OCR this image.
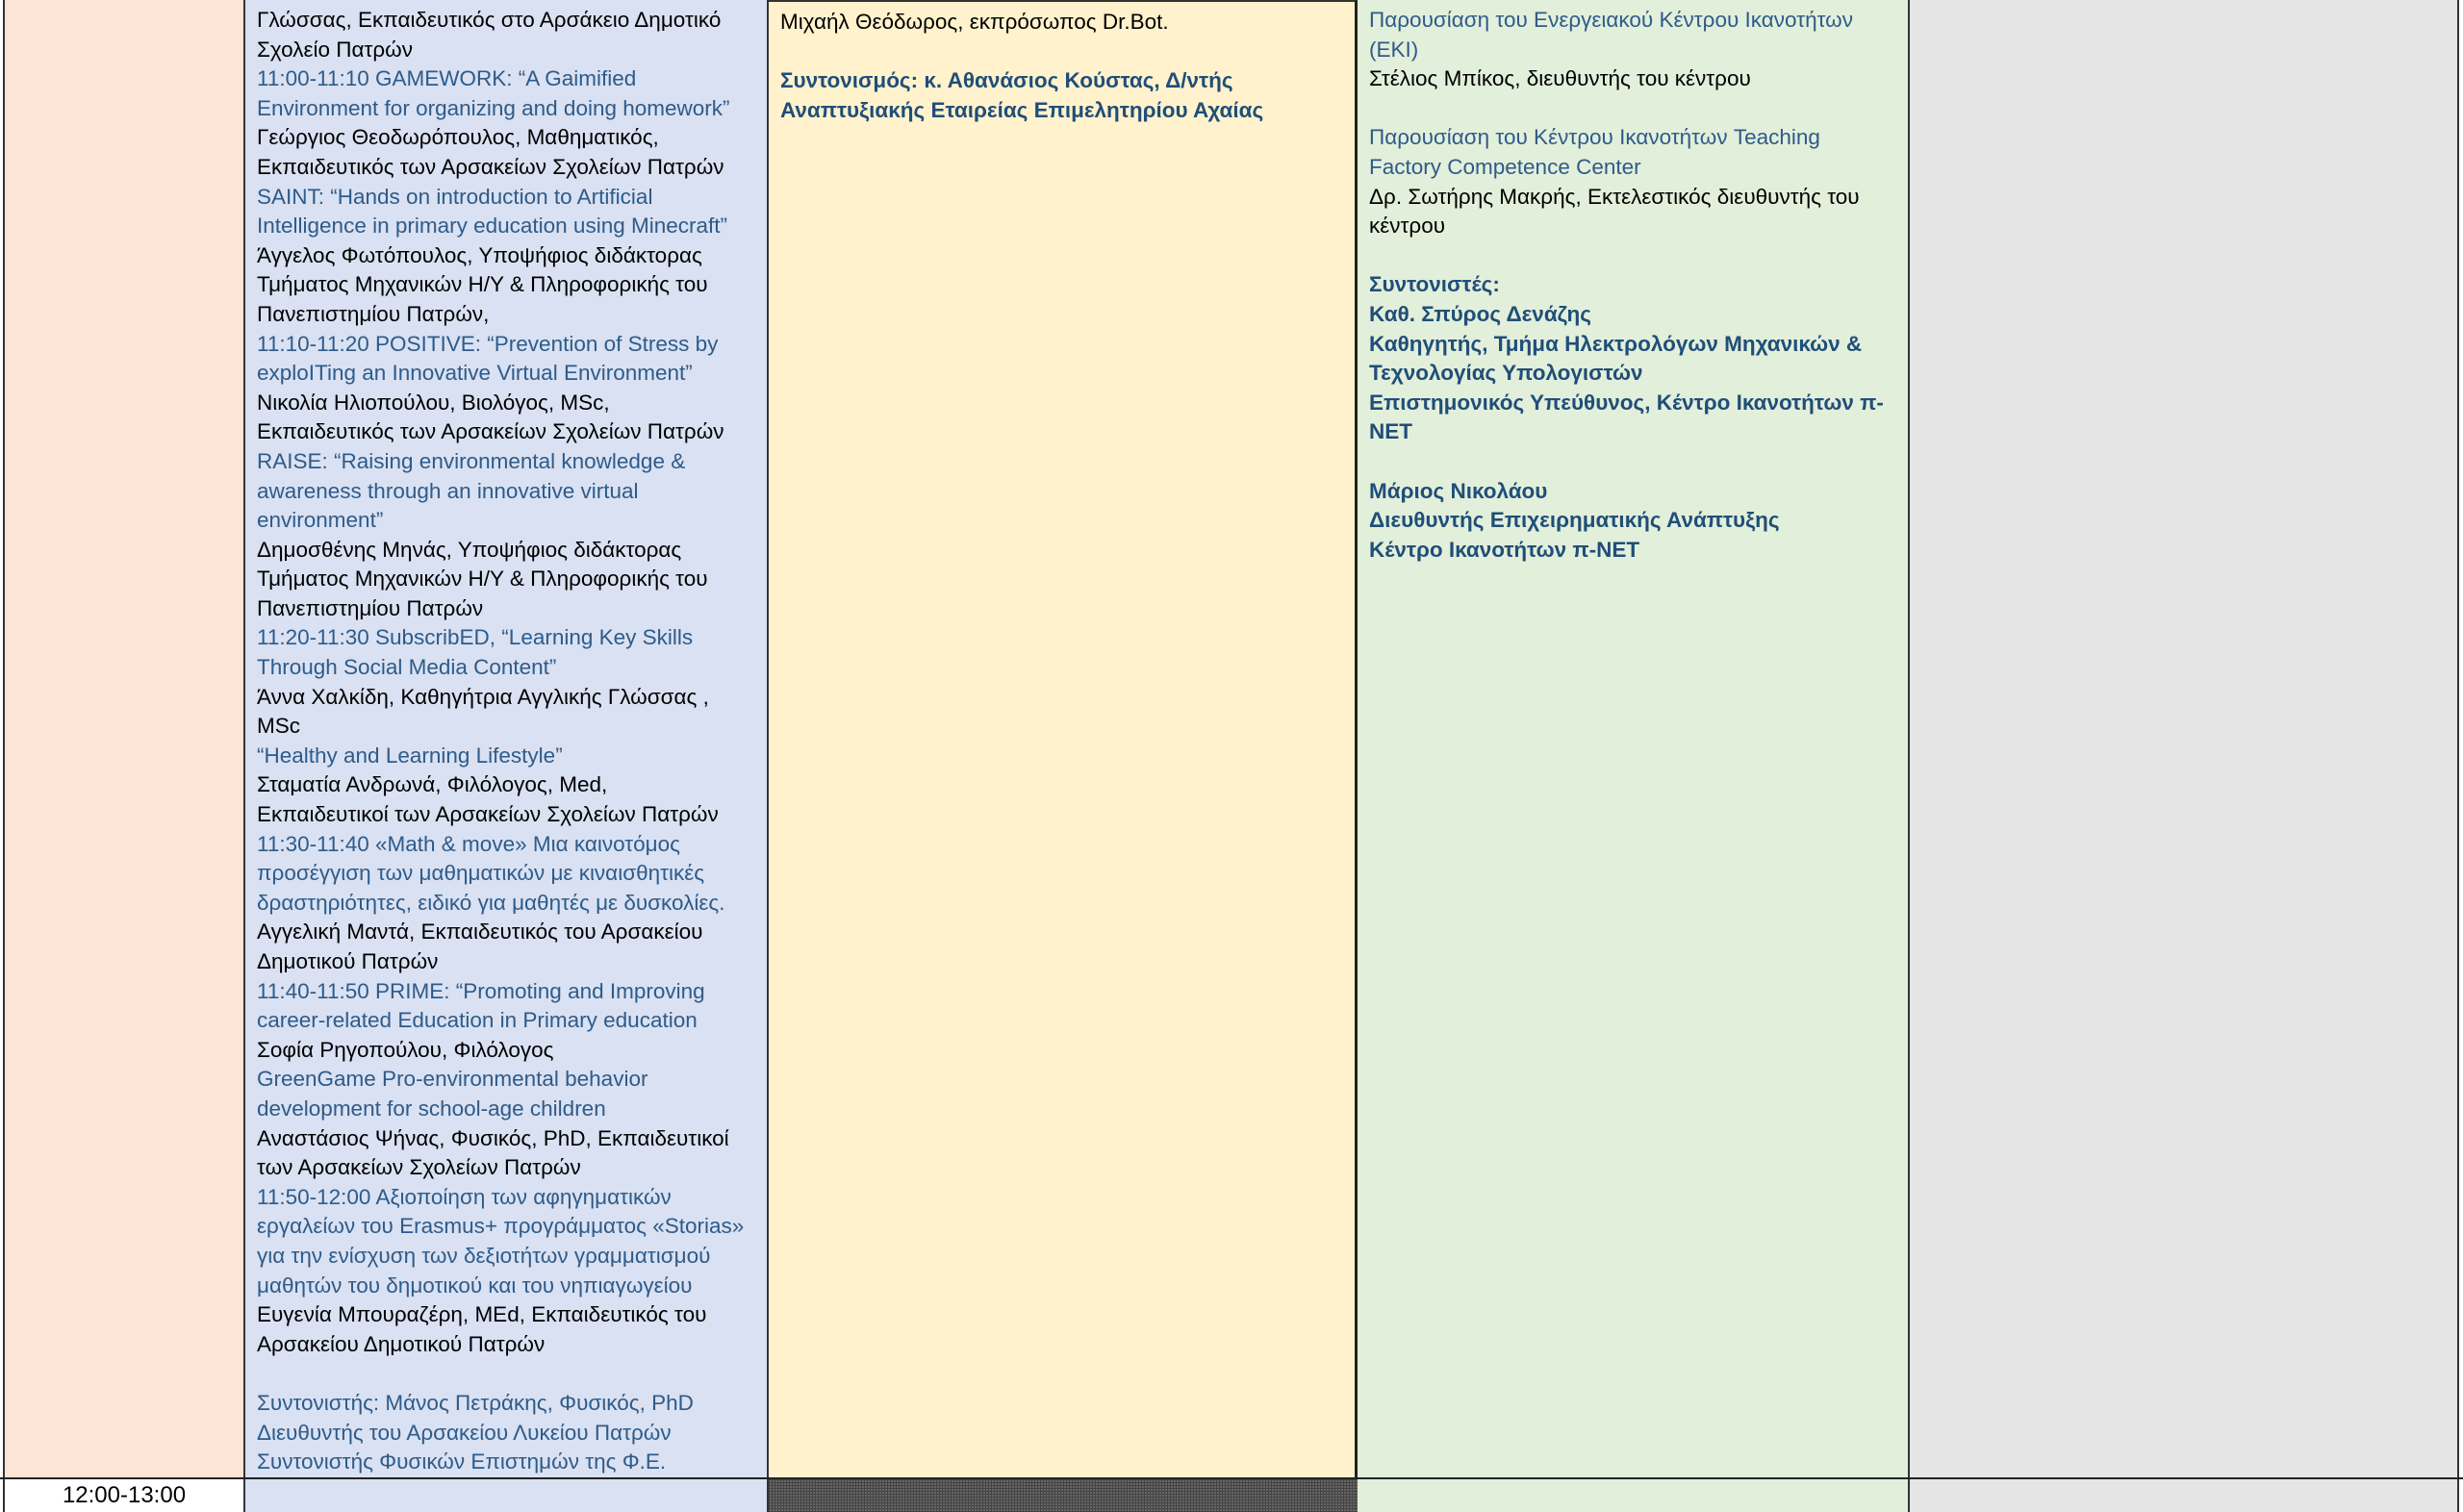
Γλώσσας, Εκπαιδευτικός στο Αρσάκειο Δημοτικό
Σχολείο Πατρών
11:00-11:10 GAMEWORK: “A Gaimified
Environment for organizing and doing homework”
Γεώργιος Θεοδωρόπουλος, Μαθηματικός,
Εκπαιδευτικός των Αρσακείων Σχολείων Πατρών
SAINT: “Hands on introduction to Artificial
Intelligence in primary education using Minecraft”
Άγγελος Φωτόπουλος, Υποψήφιος διδάκτορας
Τμήματος Μηχανικών Η/Υ & Πληροφορικής του
Πανεπιστημίου Πατρών,
11:10-11:20 POSITIVE: “Prevention of Stress by
exploITing an Innovative Virtual Environment”
Νικολία Ηλιοπούλου, Βιολόγος, MSc,
Εκπαιδευτικός των Αρσακείων Σχολείων Πατρών
RAISE: “Raising environmental knowledge &
awareness through an innovative virtual
environment”
Δημοσθένης Μηνάς, Υποψήφιος διδάκτορας
Τμήματος Μηχανικών Η/Υ & Πληροφορικής του
Πανεπιστημίου Πατρών
11:20-11:30 SubscribED, “Learning Key Skills
Through Social Media Content”
Άννα Χαλκίδη, Καθηγήτρια Αγγλικής Γλώσσας ,
MSc
“Healthy and Learning Lifestyle”
Σταματία Ανδρωνά, Φιλόλογος, Med,
Εκπαιδευτικοί των Αρσακείων Σχολείων Πατρών
11:30-11:40 «Math & move» Μια καινοτόμος
προσέγγιση των μαθηματικών με κιναισθητικές
δραστηριότητες, ειδικό για μαθητές με δυσκολίες.
Αγγελική Μαντά, Εκπαιδευτικός του Αρσακείου
Δημοτικού Πατρών
11:40-11:50 PRIME: “Promoting and Improving
career-related Education in Primary education
Σοφία Ρηγοπούλου, Φιλόλογος
GreenGame Pro-environmental behavior
development for school-age children
Αναστάσιος Ψήνας, Φυσικός, PhD, Εκπαιδευτικοί
των Αρσακείων Σχολείων Πατρών
11:50-12:00 Αξιοποίηση των αφηγηματικών
εργαλείων του Erasmus+ προγράμματος «Storias»
για την ενίσχυση των δεξιοτήτων γραμματισμού
μαθητών του δημοτικού και του νηπιαγωγείου
Ευγενία Μπουραζέρη, MEd, Εκπαιδευτικός του
Αρσακείου Δημοτικού Πατρών
Συντονιστής: Μάνος Πετράκης, Φυσικός, PhD
Διευθυντής του Αρσακείου Λυκείου Πατρών
Συντονιστής Φυσικών Επιστημών της Φ.Ε.
Μιχαήλ Θεόδωρος, εκπρόσωπος Dr.Bot.
Συντονισμός: κ. Αθανάσιος Κούστας, Δ/ντής
Αναπτυξιακής Εταιρείας Επιμελητηρίου Αχαίας
Παρουσίαση του Ενεργειακού Κέντρου Ικανοτήτων
(ΕΚΙ)
Στέλιος Μπίκος, διευθυντής του κέντρου
Παρουσίαση του Κέντρου Ικανοτήτων Teaching
Factory Competence Center
Δρ. Σωτήρης Μακρής, Εκτελεστικός διευθυντής του
κέντρου
Συντονιστές:
Καθ. Σπύρος Δενάζης
Καθηγητής, Τμήμα Ηλεκτρολόγων Μηχανικών &
Τεχνολογίας Υπολογιστών
Επιστημονικός Υπεύθυνος, Κέντρο Ικανοτήτων π-
NET
Μάριος Νικολάου
Διευθυντής Επιχειρηματικής Ανάπτυξης
Κέντρο Ικανοτήτων π-NET
12:00-13:00
